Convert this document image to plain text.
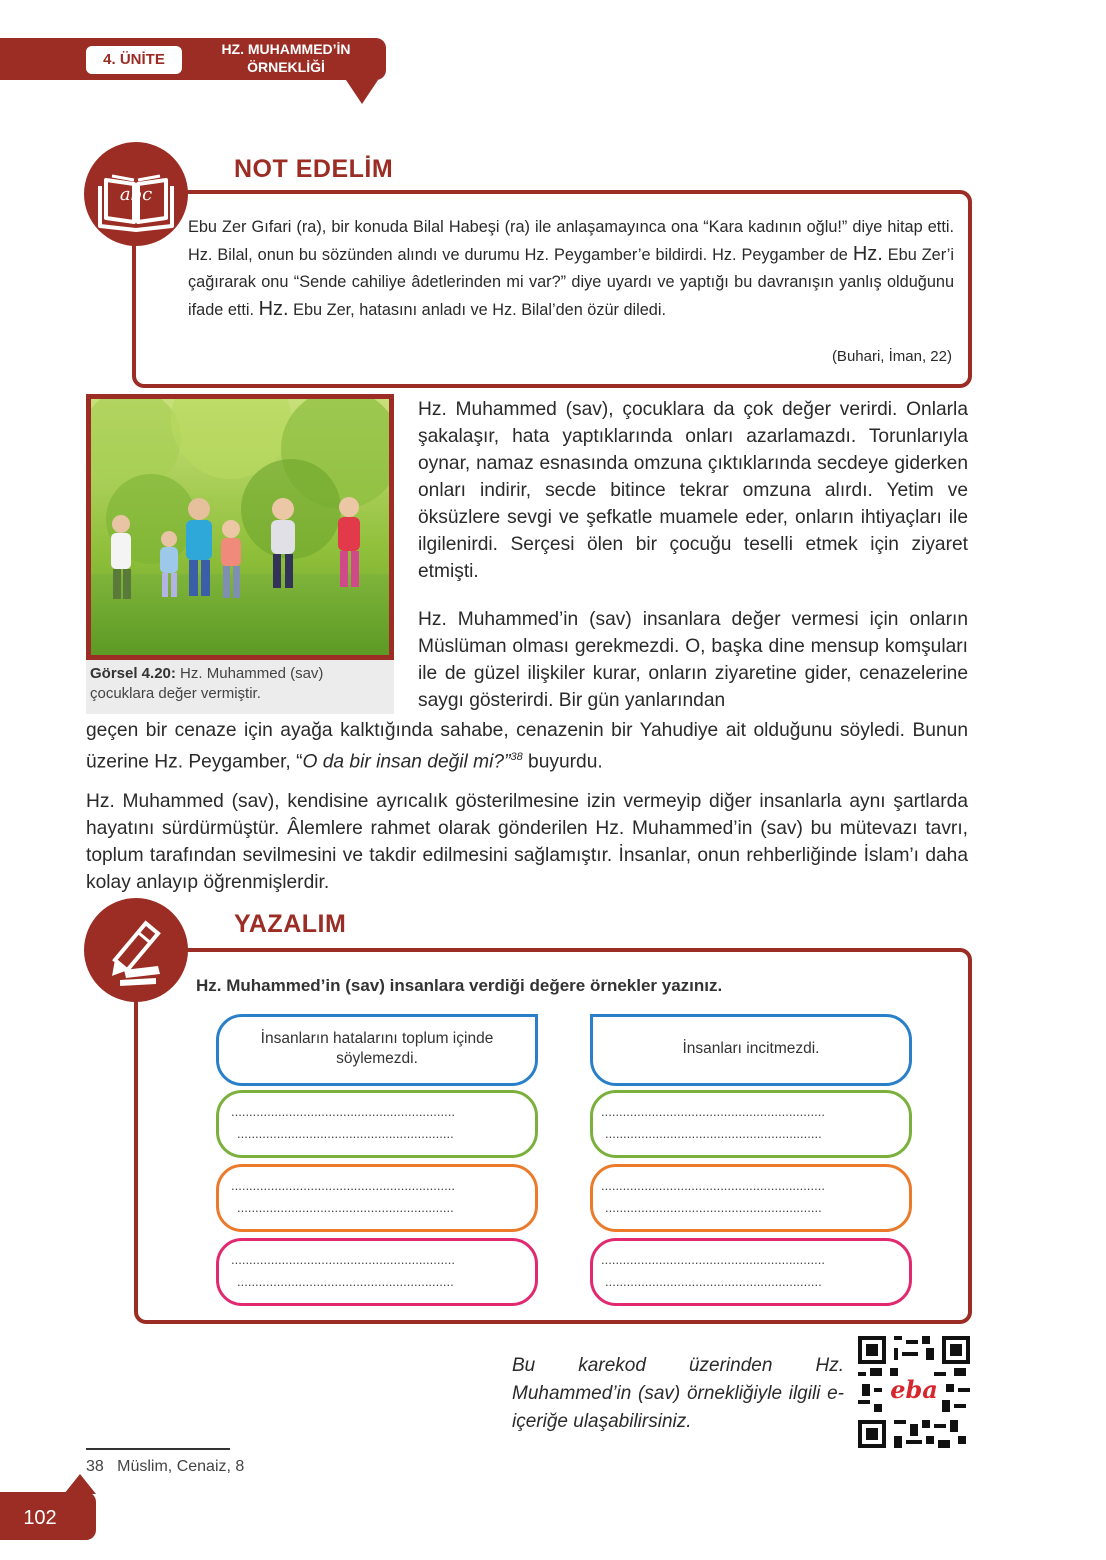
4. ÜNİTE
HZ. MUHAMMED’İN
ÖRNEKLİĞİ
abc
NOT EDELİM
Ebu Zer Gıfari (ra), bir konuda Bilal Habeşi (ra) ile anlaşamayınca ona “Kara kadının oğlu!” diye hitap etti. Hz. Bilal, onun bu sözünden alındı ve durumu Hz. Peygamber’e bildirdi. Hz. Peygamber de Hz. Ebu Zer’i çağırarak onu “Sende cahiliye âdetlerinden mi var?” diye uyardı ve yaptığı bu davranışın yanlış olduğunu ifade etti. Hz. Ebu Zer, hatasını anladı ve Hz. Bilal’den özür diledi.
(Buhari, İman, 22)
Görsel 4.20: Hz. Muhammed (sav) çocuklara değer vermiştir.
Hz. Muhammed (sav), çocuklara da çok değer verirdi. Onlarla şakalaşır, hata yaptıklarında onları azarlamazdı. Torunlarıyla oynar, namaz esnasında omzuna çıktıklarında secdeye giderken onları indirir, secde bitince tekrar omzuna alırdı. Yetim ve öksüzlere sevgi ve şefkatle muamele eder, onların ihtiyaçları ile ilgilenirdi. Serçesi ölen bir çocuğu teselli etmek için ziyaret etmişti.
Hz. Muhammed’in (sav) insanlara değer vermesi için onların Müslüman olması gerekmezdi. O, başka dine mensup komşuları ile de güzel ilişkiler kurar, onların ziyaretine gider, cenazelerine saygı gösterirdi. Bir gün yanlarından
geçen bir cenaze için ayağa kalktığında sahabe, cenazenin bir Yahudiye ait olduğunu söyledi. Bunun üzerine Hz. Peygamber, “O da bir insan değil mi?”$^{38}$ buyurdu.
Hz. Muhammed (sav), kendisine ayrıcalık gösterilmesine izin vermeyip diğer insanlarla aynı şartlarda hayatını sürdürmüştür. Âlemlere rahmet olarak gönderilen Hz. Muhammed’in (sav) bu mütevazı tavrı, toplum tarafından sevilmesini ve takdir edilmesini sağlamıştır. İnsanlar, onun rehberliğinde İslam’ı daha kolay anlayıp öğrenmişlerdir.
YAZALIM
Hz. Muhammed’in (sav) insanlara verdiği değere örnekler yazınız.
İnsanların hatalarını toplum içinde söylemezdi.
..............................................................
............................................................
..............................................................
............................................................
..............................................................
............................................................
İnsanları incitmezdi.
..............................................................
............................................................
..............................................................
............................................................
..............................................................
............................................................
Bu karekod üzerinden Hz. Muhammed’in (sav) örnekliğiyle ilgili e-içeriğe ulaşabilirsiniz.
eba
38 Müslim, Cenaiz, 8
102
